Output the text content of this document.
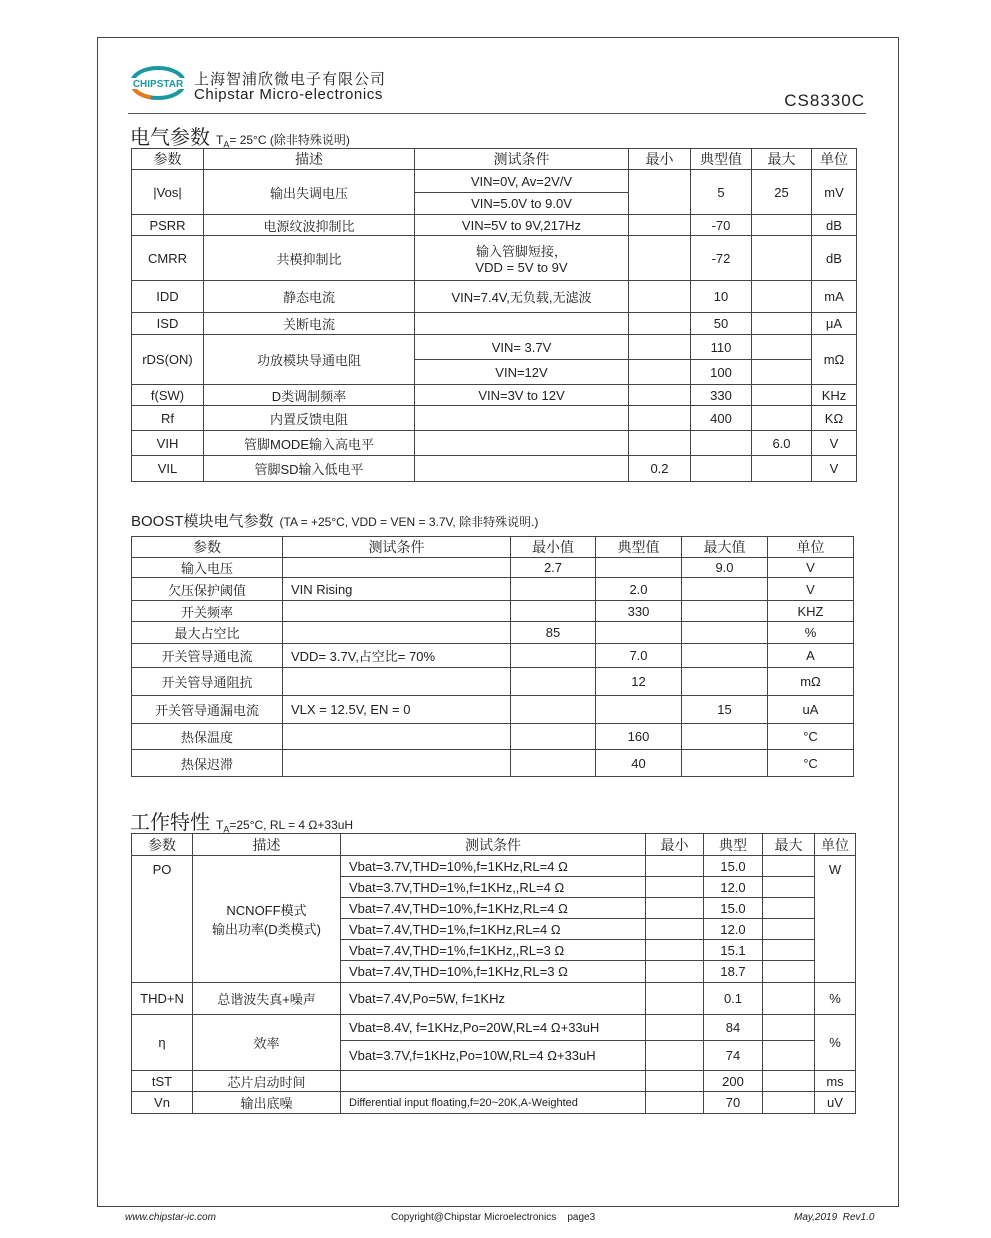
CHIPSTAR 上海智浦欣微电子有限公司
Chipstar Micro-electronics	CS8330C
电气参数 $T_A= 25^\circ C$ (除非特殊说明)
参数	描述	测试条件	最小	典型值	最大	单位
|Vos|	输出失调电压	VIN=0V, Av=2V/V		5	25	mV
		VIN=5.0V to 9.0V				
PSRR	电源纹波抑制比	VIN=5V to 9V,217Hz		-70		dB
CMRR	共模抑制比	输入管脚短接，
VDD = 5V to 9V		-72		dB
IDD	静态电流	VIN=7.4V,无负载,无滤波		10		mA
ISD	关断电流			50		μA
rDS(ON)	功放模块导通电阻	VIN= 3.7V		110		mΩ
		VIN=12V		100		
f(SW)	D类调制频率	VIN=3V to 12V		330		KHz
Rf	内置反馈电阻			400		KΩ
VIH	管脚MODE输入高电平				6.0	V
VIL	管脚SD输入低电平		0.2			V
BOOST模块电气参数 (TA = +25°C, VDD = VEN = 3.7V, 除非特殊说明.)
参数	测试条件	最小值	典型值	最大值	单位
输入电压		2.7		9.0	V
欠压保护阈值	VIN Rising		2.0		V
开关频率			330		KHZ
最大占空比		85			%
开关管导通电流	VDD= 3.7V,占空比= 70%		7.0		A
开关管导通阻抗			12		mΩ
开关管导通漏电流	VLX = 12.5V, EN = 0			15	uA
热保温度			160		°C
热保迟滞			40		°C
工作特性 $T_A=25^\circ C$, RL = 4 Ω+33uH
参数	描述	测试条件	最小	典型	最大	单位
PO	NCNOFF模式
输出功率(D类模式)	Vbat=3.7V,THD=10%,f=1KHz,RL=4 Ω		15.0		W
		Vbat=3.7V,THD=1%,f=1KHz,,RL=4 Ω		12.0		
		Vbat=7.4V,THD=10%,f=1KHz,RL=4 Ω		15.0		
		Vbat=7.4V,THD=1%,f=1KHz,RL=4 Ω		12.0		
		Vbat=7.4V,THD=1%,f=1KHz,,RL=3 Ω		15.1		
		Vbat=7.4V,THD=10%,f=1KHz,RL=3 Ω		18.7		
THD+N	总谐波失真+噪声	Vbat=7.4V,Po=5W, f=1KHz		0.1		%
η	效率	Vbat=8.4V, f=1KHz,Po=20W,RL=4 Ω+33uH		84		%
		Vbat=3.7V,f=1KHz,Po=10W,RL=4 Ω+33uH		74		
tST	芯片启动时间			200		ms
Vn	输出底噪	Differential input floating,f=20~20K,A-Weighted		70		uV
www.chipstar-ic.com	Copyright@Chipstar Microelectronics page3	May,2019 Rev1.0
